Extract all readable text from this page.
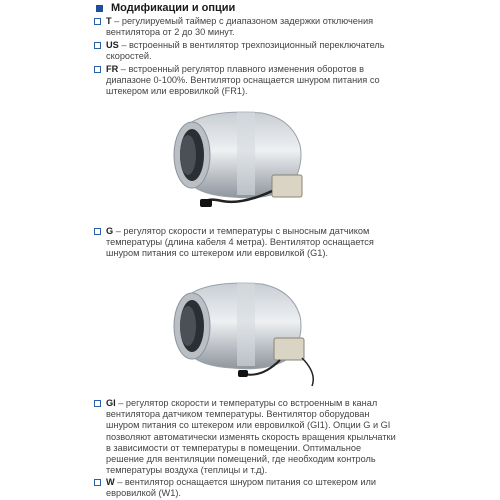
Модификации и опции
T – регулируемый таймер с диапазоном задержки отключения вентилятора от 2 до 30 минут.
US – встроенный в вентилятор трехпозиционный переключатель скоростей.
FR – встроенный регулятор плавного изменения оборотов в диапазоне 0-100%. Вентилятор оснащается шнуром питания со штекером или евровилкой (FR1).
G – регулятор скорости и температуры с выносным датчиком температуры (длина кабеля 4 метра). Вентилятор оснащается шнуром питания со штекером или евровилкой (G1).
GI – регулятор скорости и температуры со встроенным в канал вентилятора датчиком температуры. Вентилятор оборудован шнуром питания со штекером или евровилкой (GI1). Опции G и GI позволяют автоматически изменять скорость вращения крыльчатки в зависимости от температуры в помещении. Оптимальное решение для вентиляции помещений, где необходим контроль температуры воздуха (теплицы и т.д).
W – вентилятор оснащается шнуром питания со штекером или евровилкой (W1).
